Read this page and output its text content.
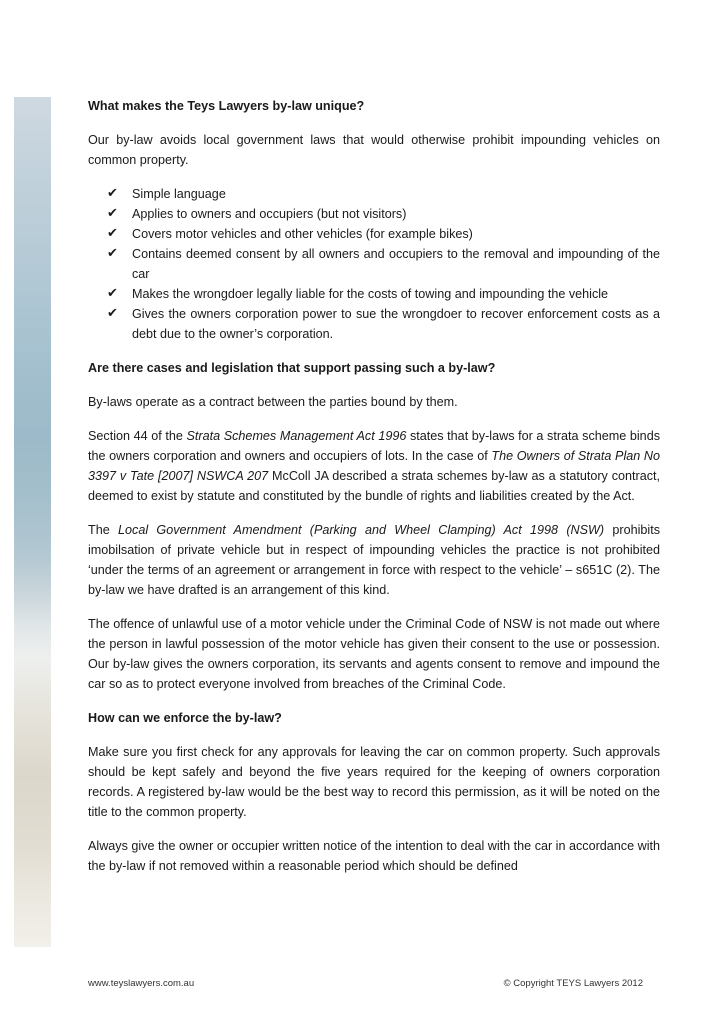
What makes the Teys Lawyers by-law unique?

Our by-law avoids local government laws that would otherwise prohibit impounding vehicles on common property.

✔ Simple language
✔ Applies to owners and occupiers (but not visitors)
✔ Covers motor vehicles and other vehicles (for example bikes)
✔ Contains deemed consent by all owners and occupiers to the removal and impounding of the car
✔ Makes the wrongdoer legally liable for the costs of towing and impounding the vehicle
✔ Gives the owners corporation power to sue the wrongdoer to recover enforcement costs as a debt due to the owner’s corporation.
Are there cases and legislation that support passing such a by-law?

By-laws operate as a contract between the parties bound by them.

Section 44 of the Strata Schemes Management Act 1996 states that by-laws for a strata scheme binds the owners corporation and owners and occupiers of lots. In the case of The Owners of Strata Plan No 3397 v Tate [2007] NSWCA 207 McColl JA described a strata schemes by-law as a statutory contract, deemed to exist by statute and constituted by the bundle of rights and liabilities created by the Act.

The Local Government Amendment (Parking and Wheel Clamping) Act 1998 (NSW) prohibits imobilsation of private vehicle but in respect of impounding vehicles the practice is not prohibited ‘under the terms of an agreement or arrangement in force with respect to the vehicle’ – s651C (2). The by-law we have drafted is an arrangement of this kind.

The offence of unlawful use of a motor vehicle under the Criminal Code of NSW is not made out where the person in lawful possession of the motor vehicle has given their consent to the use or possession. Our by-law gives the owners corporation, its servants and agents consent to remove and impound the car so as to protect everyone involved from breaches of the Criminal Code.

How can we enforce the by-law?

Make sure you first check for any approvals for leaving the car on common property. Such approvals should be kept safely and beyond the five years required for the keeping of owners corporation records. A registered by-law would be the best way to record this permission, as it will be noted on the title to the common property.

Always give the owner or occupier written notice of the intention to deal with the car in accordance with the by-law if not removed within a reasonable period which should be defined

www.teyslawyers.com.au	© Copyright TEYS Lawyers 2012
